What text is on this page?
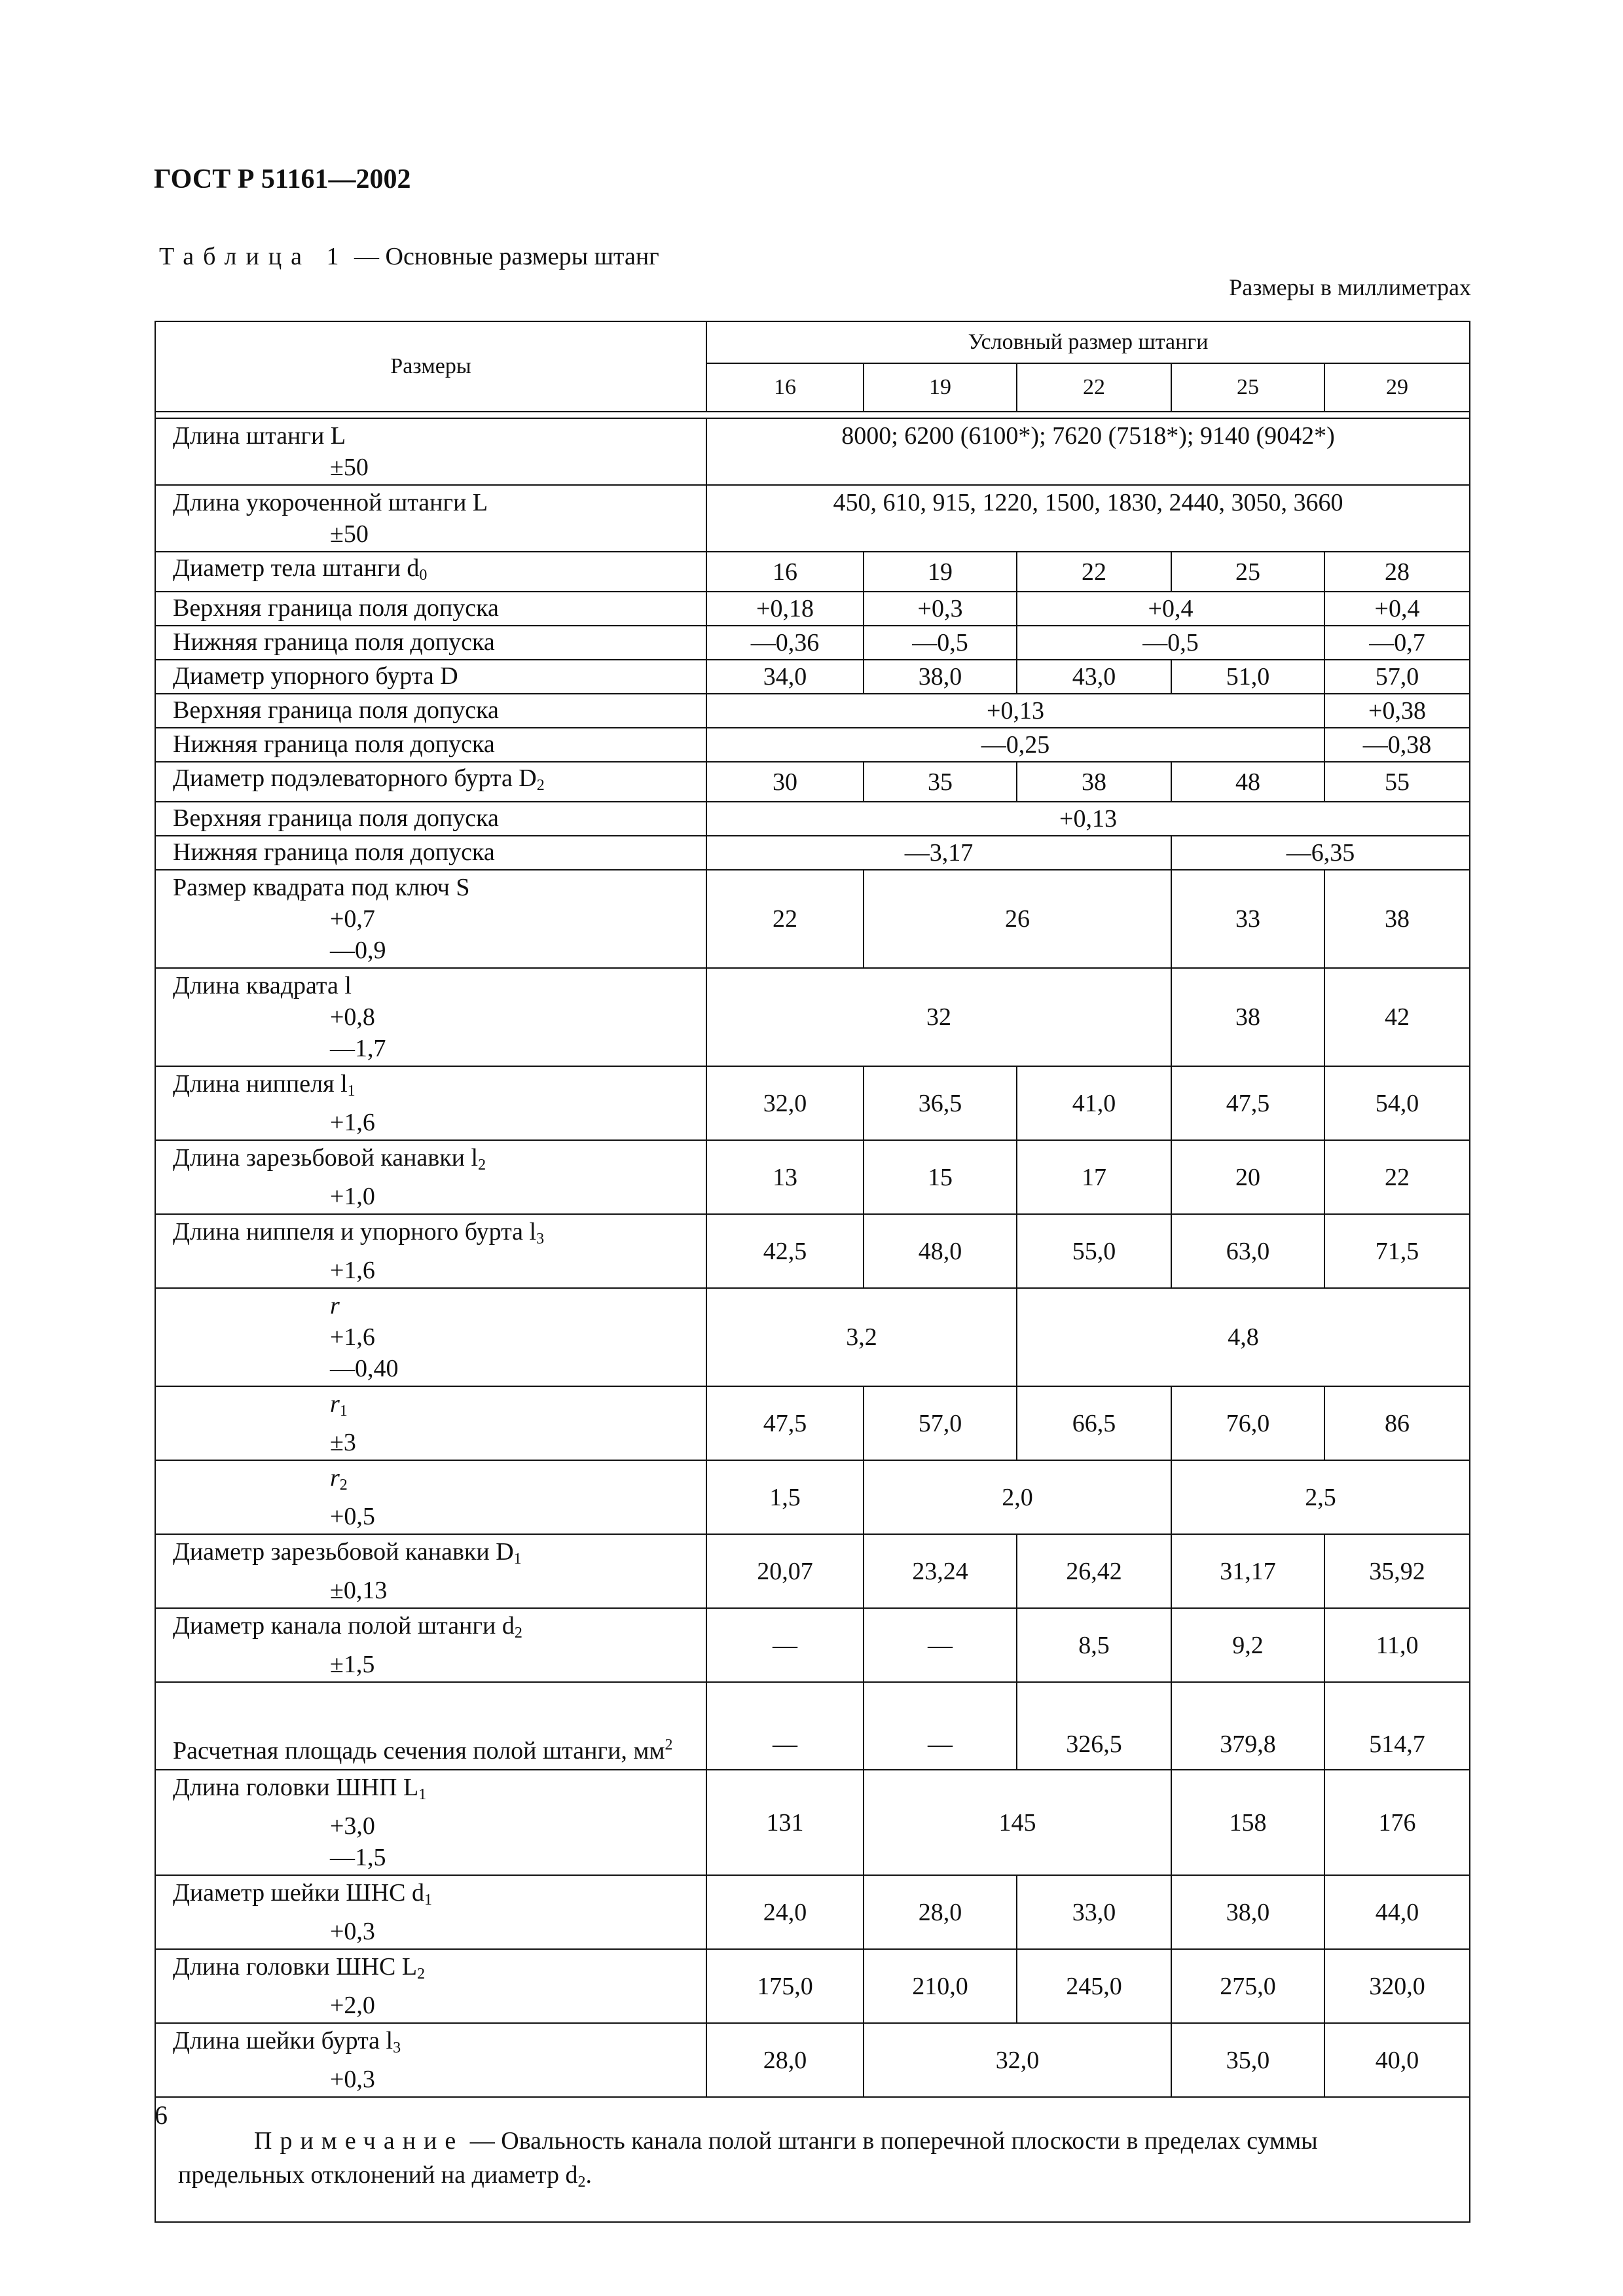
ГОСТ Р 51161—2002
Таблица 1 — Основные размеры штанг
Размеры в миллиметрах
Размеры	Условный размер штанги				
	16	19	22	25	29

Длина штанги L
±50	8000; 6200 (6100*); 7620 (7518*); 9140 (9042*)				
Длина укороченной штанги L
±50	450, 610, 915, 1220, 1500, 1830, 2440, 3050, 3660				
Диаметр тела штанги $d_0$	16	19	22	25	28
Верхняя граница поля допуска	+0,18	+0,3	+0,4		+0,4
Нижняя граница поля допуска	—0,36	—0,5	—0,5		—0,7
Диаметр упорного бурта D	34,0	38,0	43,0	51,0	57,0
Верхняя граница поля допуска	+0,13				+0,38
Нижняя граница поля допуска	—0,25				—0,38
Диаметр подэлеваторного бурта $D_2$	30	35	38	48	55
Верхняя граница поля допуска	+0,13				
Нижняя граница поля допуска	—3,17			—6,35	
Размер квадрата под ключ S
+0,7
—0,9	22	26		33	38
Длина квадрата l
+0,8
—1,7	32			38	42
Длина ниппеля $l_1$
+1,6	32,0	36,5	41,0	47,5	54,0
Длина зарезьбовой канавки $l_2$
+1,0	13	15	17	20	22
Длина ниппеля и упорного бурта $l_3$
+1,6	42,5	48,0	55,0	63,0	71,5

r
+1,6
—0,40	3,2		4,8		

$r_1$
±3	47,5	57,0	66,5	76,0	86

$r_2$
+0,5	1,5	2,0		2,5	
Диаметр зарезьбовой канавки $D_1$
±0,13	20,07	23,24	26,42	31,17	35,92
Диаметр канала полой штанги $d_2$
±1,5	—	—	8,5	9,2	11,0
Расчетная площадь сечения полой штанги, $мм^2$	—	—	326,5	379,8	514,7
Длина головки ШНП $L_1$
+3,0
—1,5	131	145		158	176
Диаметр шейки ШНС $d_1$
+0,3	24,0	28,0	33,0	38,0	44,0
Длина головки ШНС $L_2$
+2,0	175,0	210,0	245,0	275,0	320,0
Длина шейки бурта $l_3$
+0,3	28,0	32,0		35,0	40,0
Примечание — Овальность канала полой штанги в поперечной плоскости в пределах суммы предельных отклонений на диаметр $d_2$.					
6
